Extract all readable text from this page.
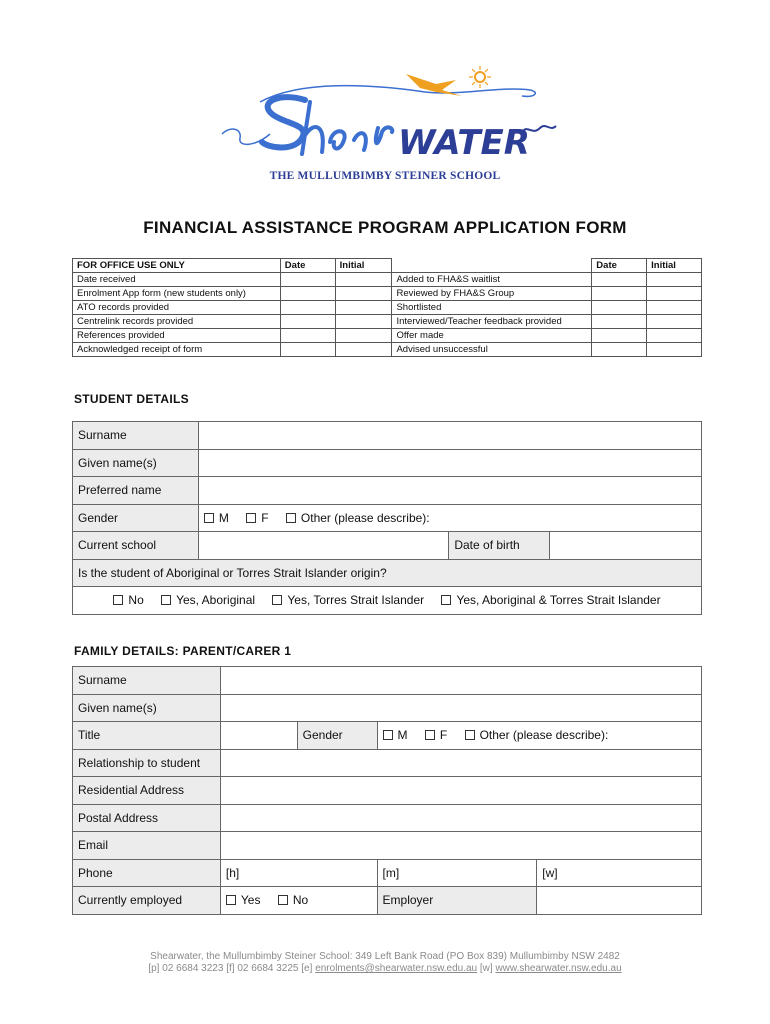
WATER
THE MULLUMBIMBY STEINER SCHOOL
FINANCIAL ASSISTANCE PROGRAM APPLICATION FORM
FOR OFFICE USE ONLY	Date	Initial		Date	Initial
Date received			Added to FHA&S waitlist		
Enrolment App form (new students only)			Reviewed by FHA&S Group		
ATO records provided			Shortlisted		
Centrelink records provided			Interviewed/Teacher feedback provided		
References provided			Offer made		
Acknowledged receipt of form			Advised unsuccessful		
STUDENT DETAILS
Surname			
Given name(s)			
Preferred name			
Gender	M F Other (please describe):		
Current school		Date of birth	
Is the student of Aboriginal or Torres Strait Islander origin?			
No Yes, Aboriginal Yes, Torres Strait Islander Yes, Aboriginal & Torres Strait Islander			
FAMILY DETAILS: PARENT/CARER 1
Surname				
Given name(s)				
Title		Gender	M F Other (please describe):	
Relationship to student				
Residential Address				
Postal Address				
Email				
Phone	[h]		[m]	[w]
Currently employed	Yes No		Employer	
Shearwater, the Mullumbimby Steiner School: 349 Left Bank Road (PO Box 839) Mullumbimby NSW 2482
[p] 02 6684 3223 [f] 02 6684 3225 [e] enrolments@shearwater.nsw.edu.au [w] www.shearwater.nsw.edu.au
